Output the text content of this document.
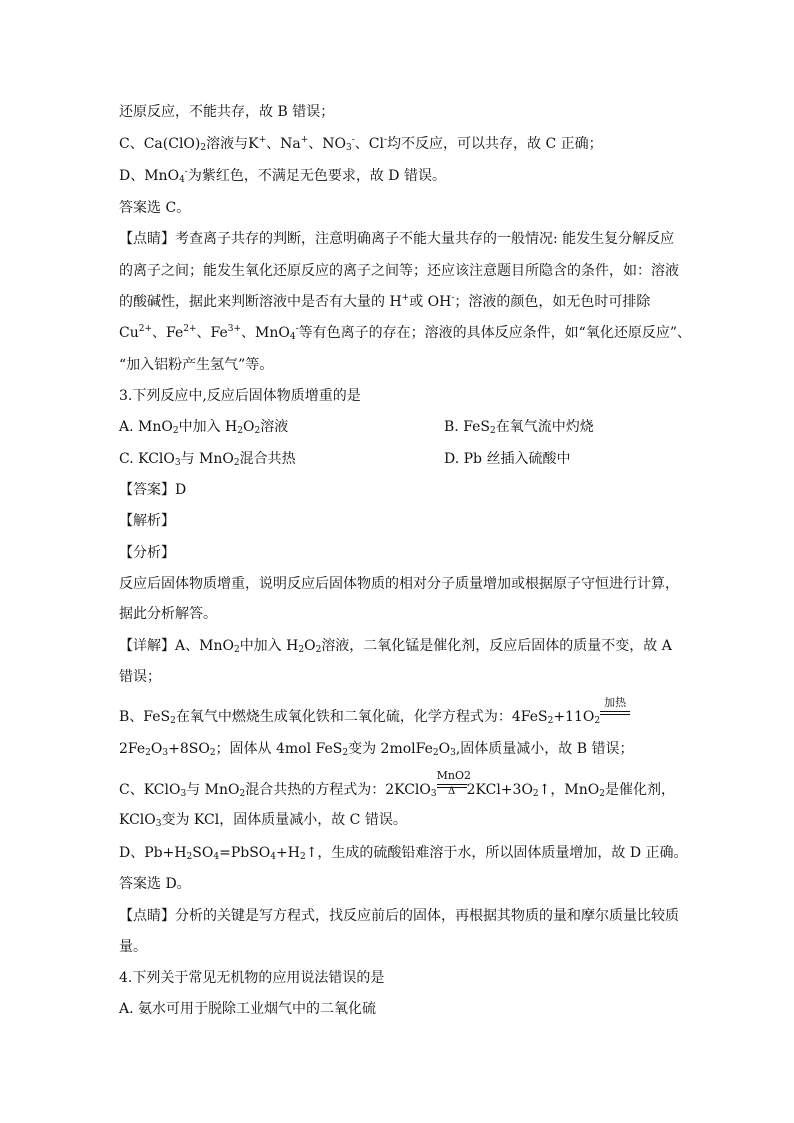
还原反应，不能共存，故 B 错误；
C、$Ca(ClO)_2$溶液与K+、Na+、$NO_3^-$、Cl-均不反应，可以共存，故 C 正确；
D、MnO$_4$-为紫红色，不满足无色要求，故 D 错误。
答案选 C。
【点睛】考查离子共存的判断，注意明确离子不能大量共存的一般情况: 能发生复分解反应
的离子之间；能发生氧化还原反应的离子之间等；还应该注意题目所隐含的条件，如：溶液
的酸碱性，据此来判断溶液中是否有大量的 H+或 OH-；溶液的颜色，如无色时可排除
$Cu^{2+}$、$Fe^{2+}$、$Fe^{3+}$、MnO$_4$-等有色离子的存在；溶液的具体反应条件，如“氧化还原反应”、
“加入铝粉产生氢气”等。
3.下列反应中,反应后固体物质增重的是
A. MnO$_2$中加入 $H_2O_2$溶液	B. FeS$_2$在氧气流中灼烧
C. KClO$_3$与 MnO$_2$混合共热	D. Pb 丝插入硫酸中
【答案】D
【解析】
【分析】
反应后固体物质增重，说明反应后固体物质的相对分子质量增加或根据原子守恒进行计算，
据此分析解答。
【详解】A、MnO$_2$中加入 $H_2O_2$溶液，二氧化锰是催化剂，反应后固体的质量不变，故 A
错误；
B、FeS$_2$在氧气中燃烧生成氧化铁和二氧化硫，化学方程式为：$4FeS_2+11O_2$
加热
$2Fe_2O_3+8SO_2$；固体从 4mol FeS$_2$变为 $2molFe_2O_3$,固体质量减小，故 B 错误；
C、KClO$_3$与 MnO$_2$混合共热的方程式为：2KClO$_3$
MnO2
Δ $2KCl+3O_2↑$，MnO$_2$是催化剂，
KClO$_3$变为 KCl，固体质量减小，故 C 错误。
D、$Pb+H_2SO_4=PbSO_4+H_2↑$，生成的硫酸铅难溶于水，所以固体质量增加，故 D 正确。
答案选 D。
【点睛】分析的关键是写方程式，找反应前后的固体，再根据其物质的量和摩尔质量比较质
量。
4.下列关于常见无机物的应用说法错误的是
A. 氨水可用于脱除工业烟气中的二氧化硫
